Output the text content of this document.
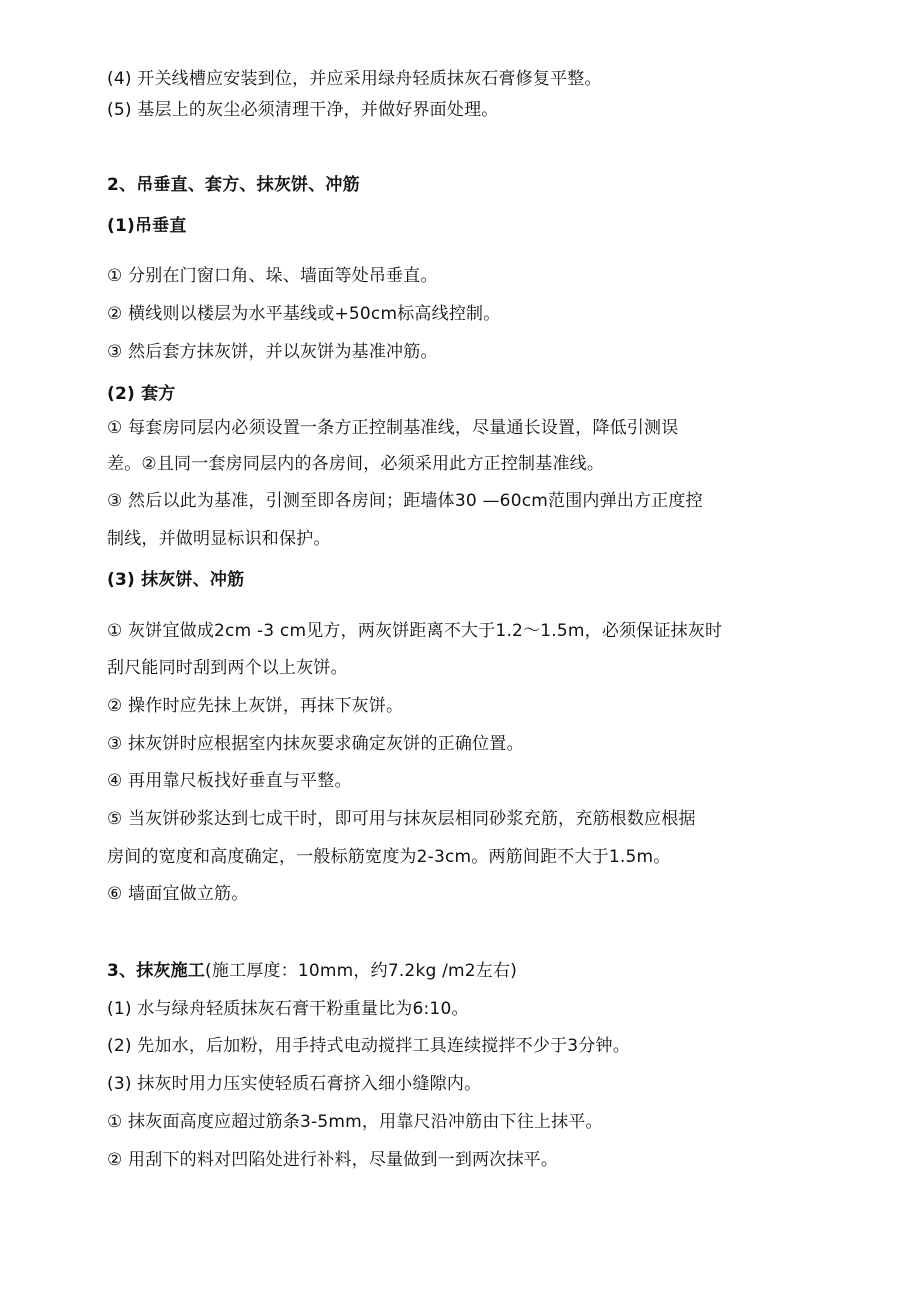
(4) 开关线槽应安装到位，并应采用绿舟轻质抹灰石膏修复平整。
(5) 基层上的灰尘必须清理干净，并做好界面处理。
2、吊垂直、套方、抹灰饼、冲筋
(1)吊垂直
① 分别在门窗口角、垛、墙面等处吊垂直。
② 横线则以楼层为水平基线或+50cm标高线控制。
③ 然后套方抹灰饼，并以灰饼为基准冲筋。
(2) 套方
① 每套房同层内必须设置一条方正控制基准线，尽量通长设置，降低引测误
差。②且同一套房同层内的各房间，必须采用此方正控制基准线。
③ 然后以此为基准，引测至即各房间；距墙体30 —60cm范围内弹出方正度控
制线，并做明显标识和保护。
(3) 抹灰饼、冲筋
① 灰饼宜做成2cm -3 cm见方，两灰饼距离不大于1.2～1.5m，必须保证抹灰时
刮尺能同时刮到两个以上灰饼。
② 操作时应先抹上灰饼，再抹下灰饼。
③ 抹灰饼时应根据室内抹灰要求确定灰饼的正确位置。
④ 再用靠尺板找好垂直与平整。
⑤ 当灰饼砂浆达到七成干时，即可用与抹灰层相同砂浆充筋，充筋根数应根据
房间的宽度和高度确定，一般标筋宽度为2-3cm。两筋间距不大于1.5m。
⑥ 墙面宜做立筋。
3、抹灰施工(施工厚度：10mm，约7.2kg /m2左右)
(1) 水与绿舟轻质抹灰石膏干粉重量比为6:10。
(2) 先加水，后加粉，用手持式电动搅拌工具连续搅拌不少于3分钟。
(3) 抹灰时用力压实使轻质石膏挤入细小缝隙内。
① 抹灰面高度应超过筋条3-5mm，用靠尺沿冲筋由下往上抹平。
② 用刮下的料对凹陷处进行补料，尽量做到一到两次抹平。
